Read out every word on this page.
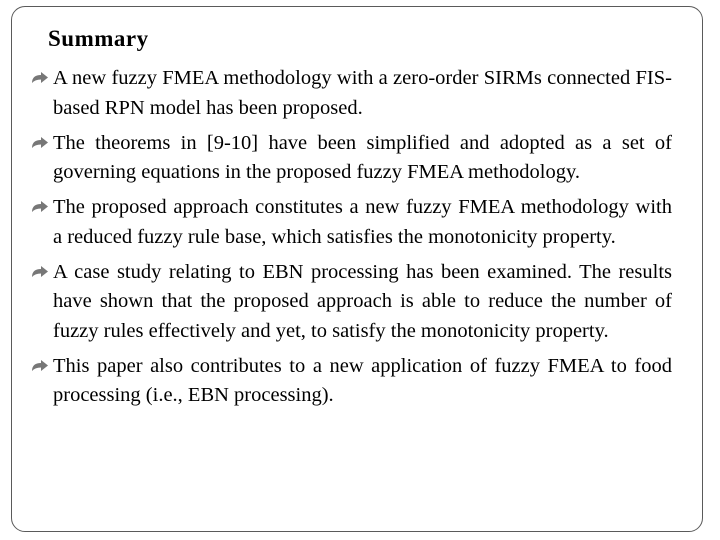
Summary
A new fuzzy FMEA methodology with a zero-order SIRMs connected FIS-based RPN model has been proposed.
The theorems in [9-10] have been simplified and adopted as a set of governing equations in the proposed fuzzy FMEA methodology.
The proposed approach constitutes a new fuzzy FMEA methodology with a reduced fuzzy rule base, which satisfies the monotonicity property.
A case study relating to EBN processing has been examined. The results have shown that the proposed approach is able to reduce the number of fuzzy rules effectively and yet, to satisfy the monotonicity property.
This paper also contributes to a new application of fuzzy FMEA to food processing (i.e., EBN processing).
